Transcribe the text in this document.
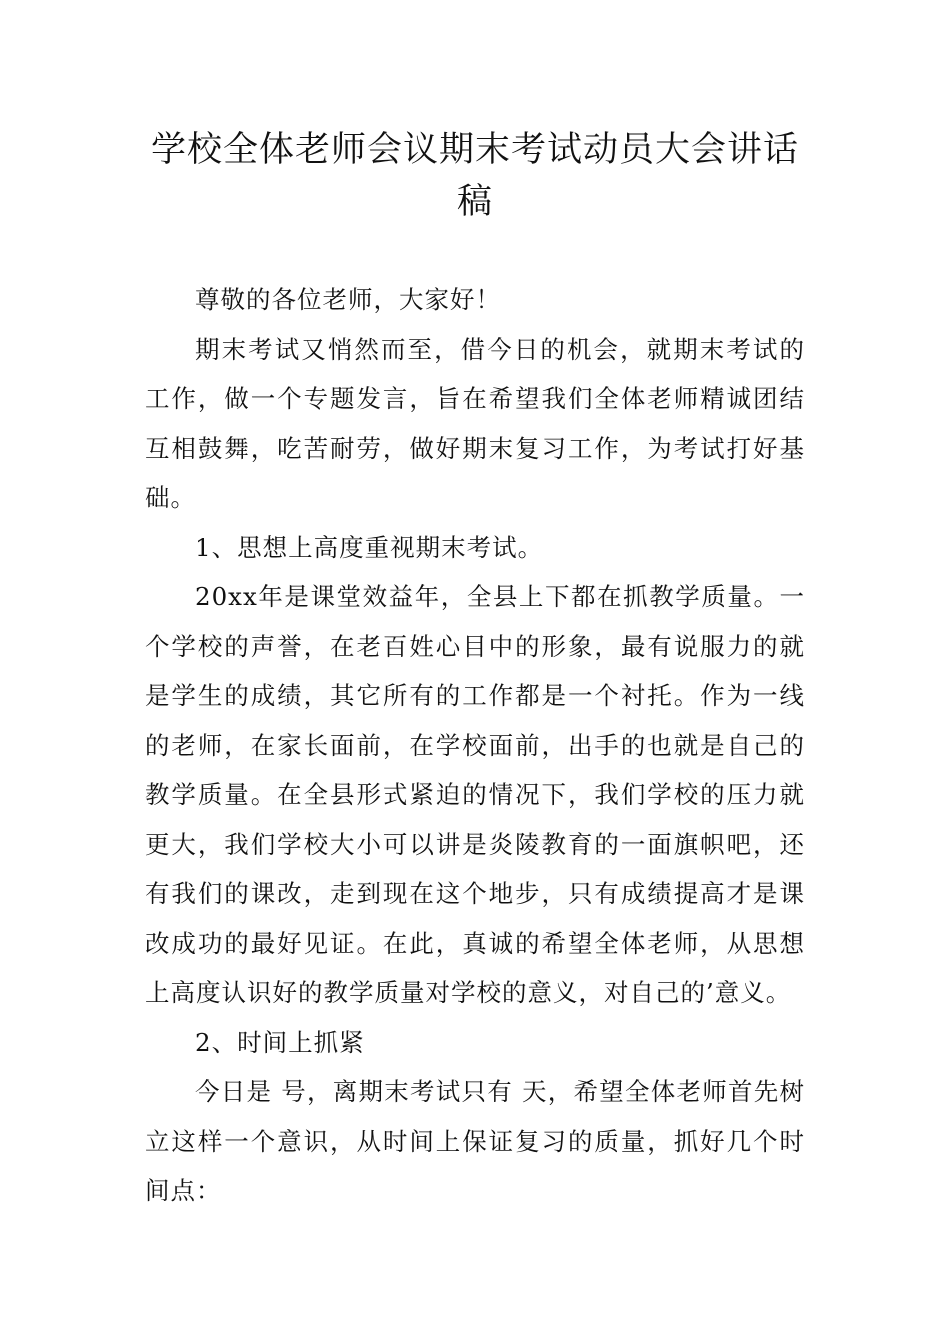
学校全体老师会议期末考试动员大会讲话稿

尊敬的各位老师，大家好！

期末考试又悄然而至，借今日的机会，就期末考试的工作，做一个专题发言，旨在希望我们全体老师精诚团结互相鼓舞，吃苦耐劳，做好期末复习工作，为考试打好基础。

1、思想上高度重视期末考试。

20xx年是课堂效益年，全县上下都在抓教学质量。一个学校的声誉，在老百姓心目中的形象，最有说服力的就是学生的成绩，其它所有的工作都是一个衬托。作为一线的老师，在家长面前，在学校面前，出手的也就是自己的教学质量。在全县形式紧迫的情况下，我们学校的压力就更大，我们学校大小可以讲是炎陵教育的一面旗帜吧，还有我们的课改，走到现在这个地步，只有成绩提高才是课改成功的最好见证。在此，真诚的希望全体老师，从思想上高度认识好的教学质量对学校的意义，对自己的’意义。

2、时间上抓紧

今日是 号，离期末考试只有 天，希望全体老师首先树立这样一个意识，从时间上保证复习的质量，抓好几个时间点：
